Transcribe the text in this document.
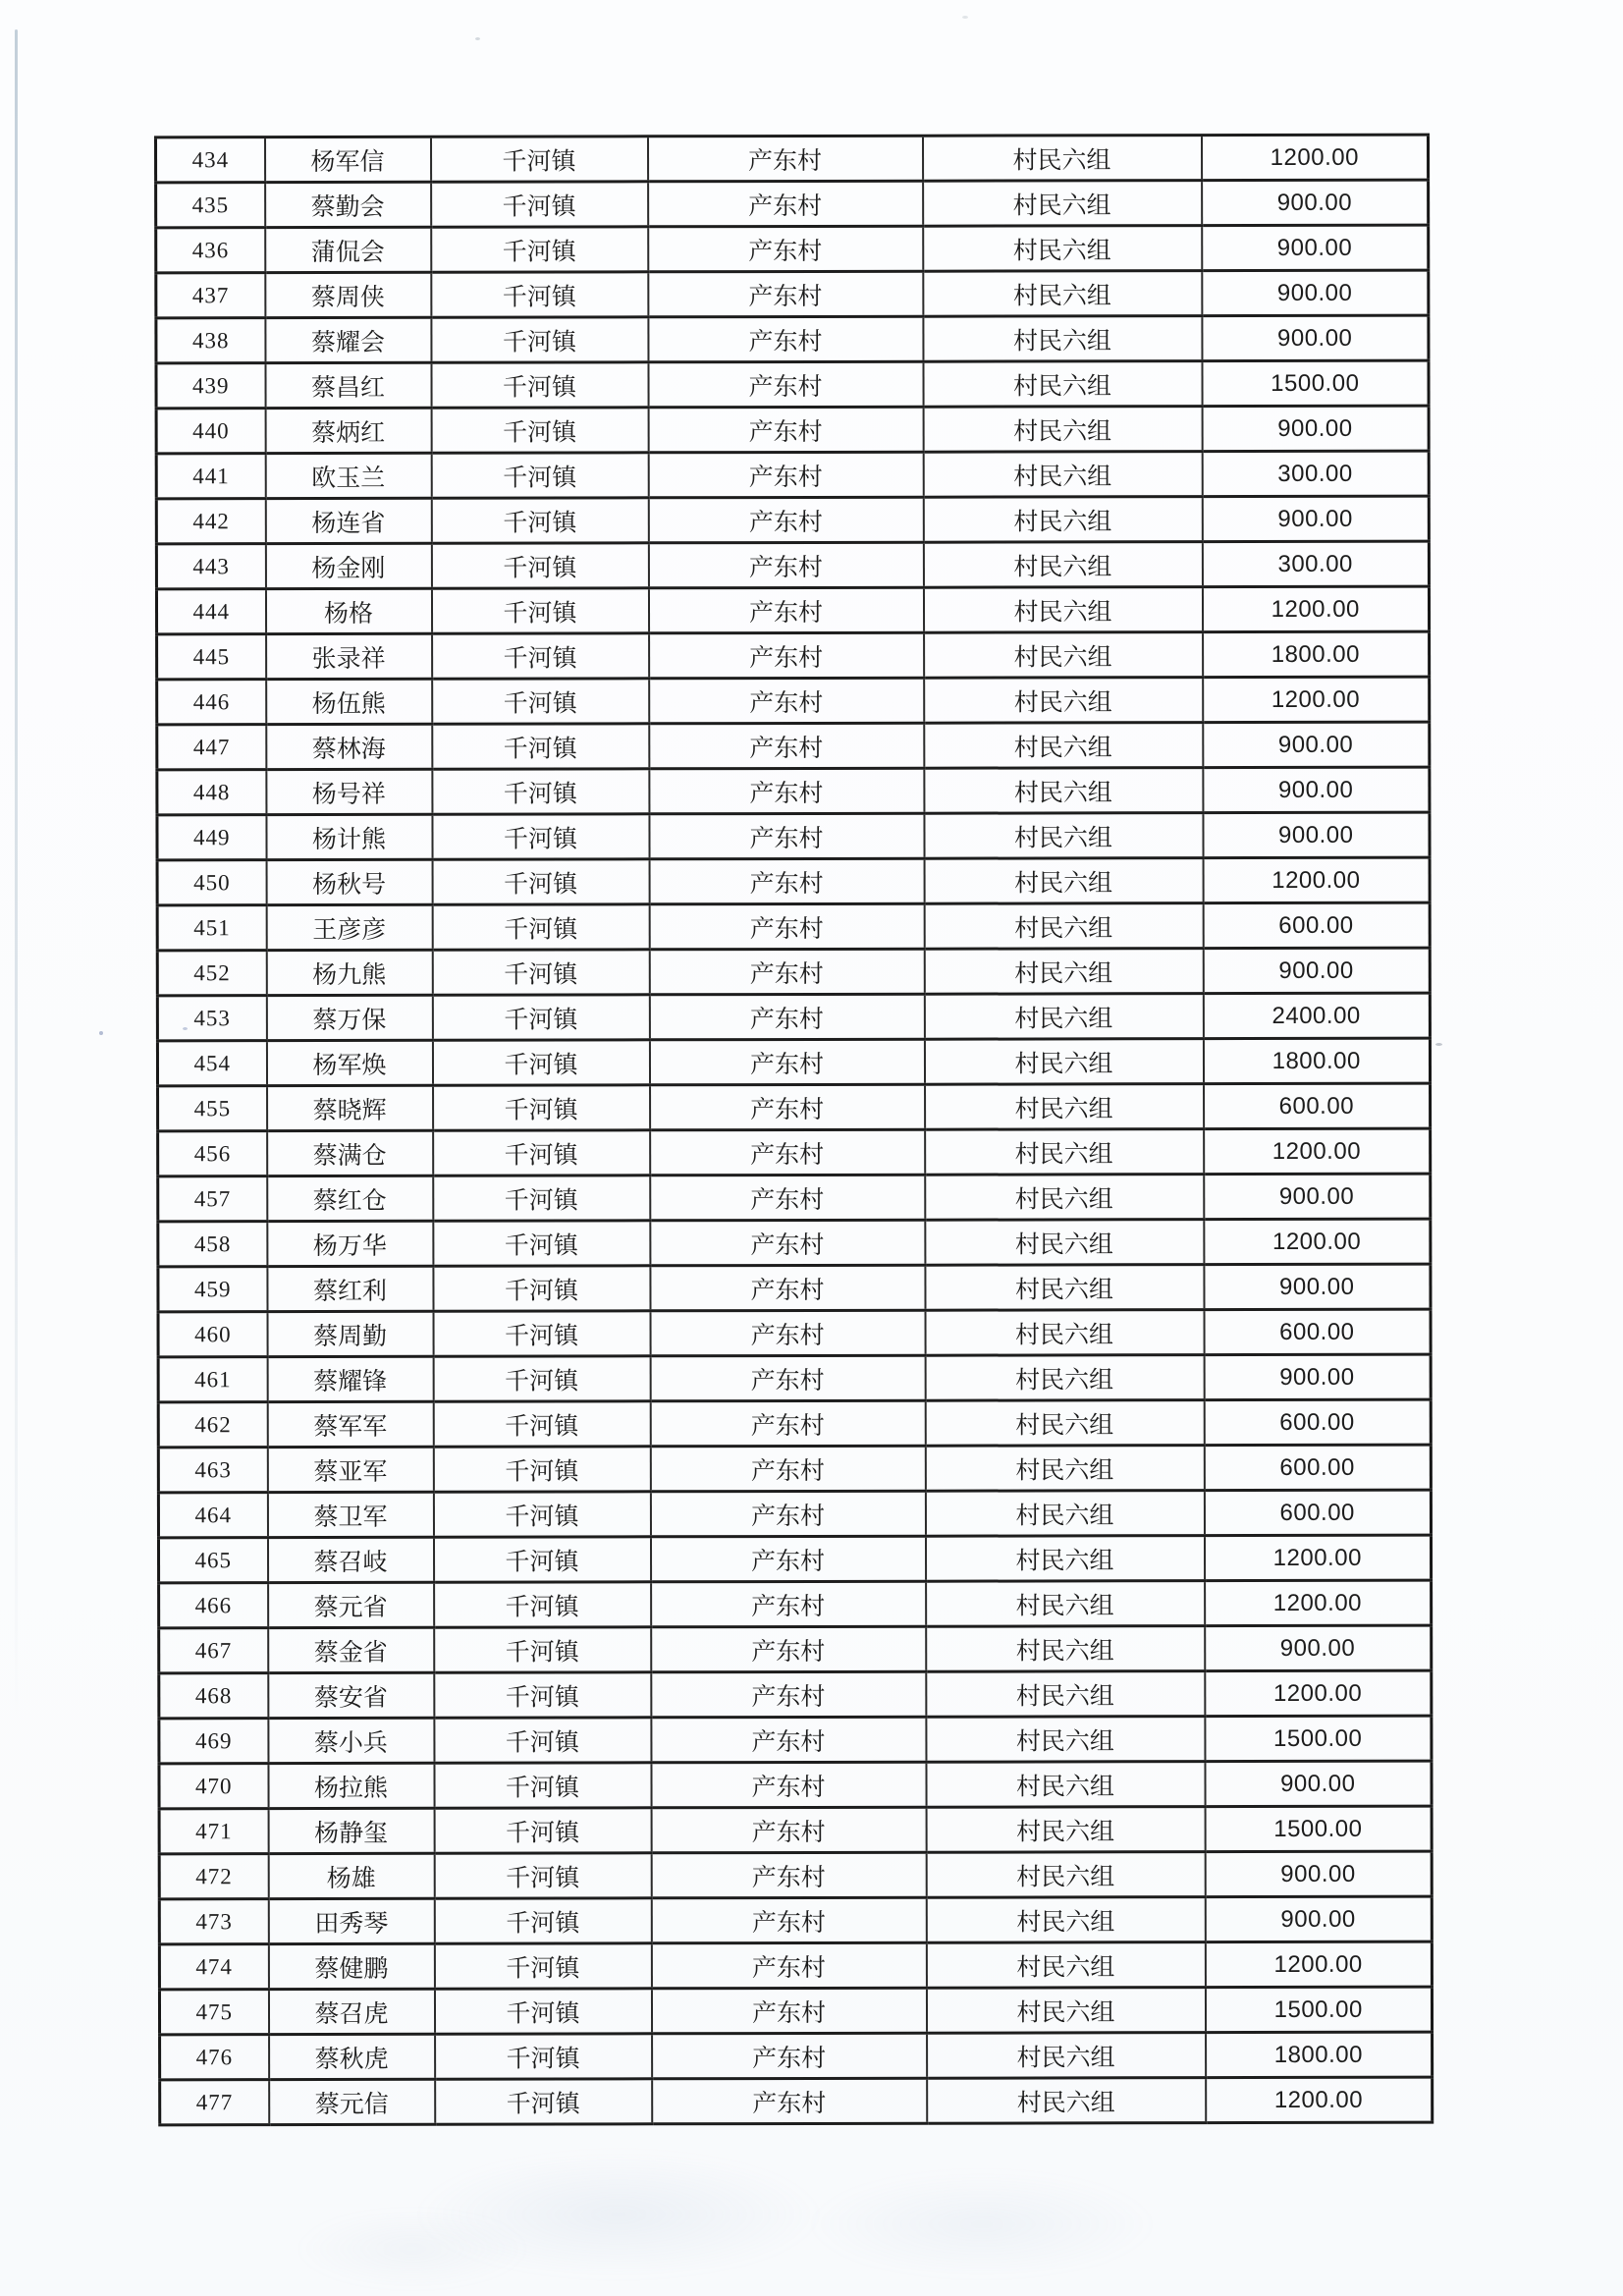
434	杨军信	千河镇	产东村	村民六组	1200.00
435	蔡勤会	千河镇	产东村	村民六组	900.00
436	蒲侃会	千河镇	产东村	村民六组	900.00
437	蔡周侠	千河镇	产东村	村民六组	900.00
438	蔡耀会	千河镇	产东村	村民六组	900.00
439	蔡昌红	千河镇	产东村	村民六组	1500.00
440	蔡炳红	千河镇	产东村	村民六组	900.00
441	欧玉兰	千河镇	产东村	村民六组	300.00
442	杨连省	千河镇	产东村	村民六组	900.00
443	杨金刚	千河镇	产东村	村民六组	300.00
444	杨格	千河镇	产东村	村民六组	1200.00
445	张录祥	千河镇	产东村	村民六组	1800.00
446	杨伍熊	千河镇	产东村	村民六组	1200.00
447	蔡林海	千河镇	产东村	村民六组	900.00
448	杨号祥	千河镇	产东村	村民六组	900.00
449	杨计熊	千河镇	产东村	村民六组	900.00
450	杨秋号	千河镇	产东村	村民六组	1200.00
451	王彦彦	千河镇	产东村	村民六组	600.00
452	杨九熊	千河镇	产东村	村民六组	900.00
453	蔡万保	千河镇	产东村	村民六组	2400.00
454	杨军焕	千河镇	产东村	村民六组	1800.00
455	蔡晓辉	千河镇	产东村	村民六组	600.00
456	蔡满仓	千河镇	产东村	村民六组	1200.00
457	蔡红仓	千河镇	产东村	村民六组	900.00
458	杨万华	千河镇	产东村	村民六组	1200.00
459	蔡红利	千河镇	产东村	村民六组	900.00
460	蔡周勤	千河镇	产东村	村民六组	600.00
461	蔡耀锋	千河镇	产东村	村民六组	900.00
462	蔡军军	千河镇	产东村	村民六组	600.00
463	蔡亚军	千河镇	产东村	村民六组	600.00
464	蔡卫军	千河镇	产东村	村民六组	600.00
465	蔡召岐	千河镇	产东村	村民六组	1200.00
466	蔡元省	千河镇	产东村	村民六组	1200.00
467	蔡金省	千河镇	产东村	村民六组	900.00
468	蔡安省	千河镇	产东村	村民六组	1200.00
469	蔡小兵	千河镇	产东村	村民六组	1500.00
470	杨拉熊	千河镇	产东村	村民六组	900.00
471	杨静玺	千河镇	产东村	村民六组	1500.00
472	杨雄	千河镇	产东村	村民六组	900.00
473	田秀琴	千河镇	产东村	村民六组	900.00
474	蔡健鹏	千河镇	产东村	村民六组	1200.00
475	蔡召虎	千河镇	产东村	村民六组	1500.00
476	蔡秋虎	千河镇	产东村	村民六组	1800.00
477	蔡元信	千河镇	产东村	村民六组	1200.00
